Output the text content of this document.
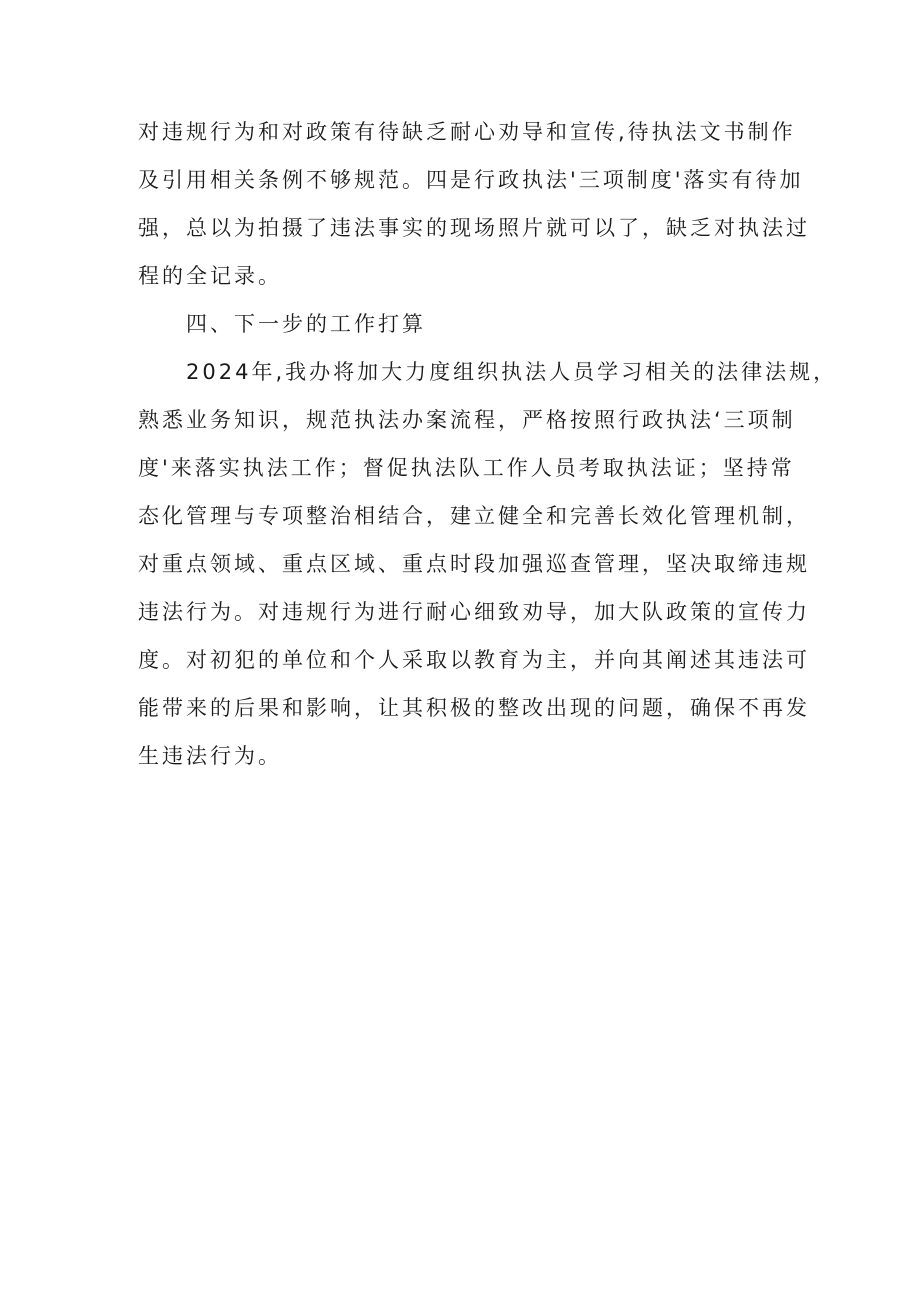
对违规行为和对政策有待缺乏耐心劝导和宣传,待执法文书制作
及引用相关条例不够规范。四是行政执法'三项制度'落实有待加
强，总以为拍摄了违法事实的现场照片就可以了，缺乏对执法过
程的全记录。
四、下一步的工作打算
2024年,我办将加大力度组织执法人员学习相关的法律法规，
熟悉业务知识，规范执法办案流程，严格按照行政执法‘三项制
度'来落实执法工作；督促执法队工作人员考取执法证；坚持常
态化管理与专项整治相结合，建立健全和完善长效化管理机制，
对重点领域、重点区域、重点时段加强巡查管理，坚决取缔违规
违法行为。对违规行为进行耐心细致劝导，加大队政策的宣传力
度。对初犯的单位和个人采取以教育为主，并向其阐述其违法可
能带来的后果和影响，让其积极的整改出现的问题，确保不再发
生违法行为。
